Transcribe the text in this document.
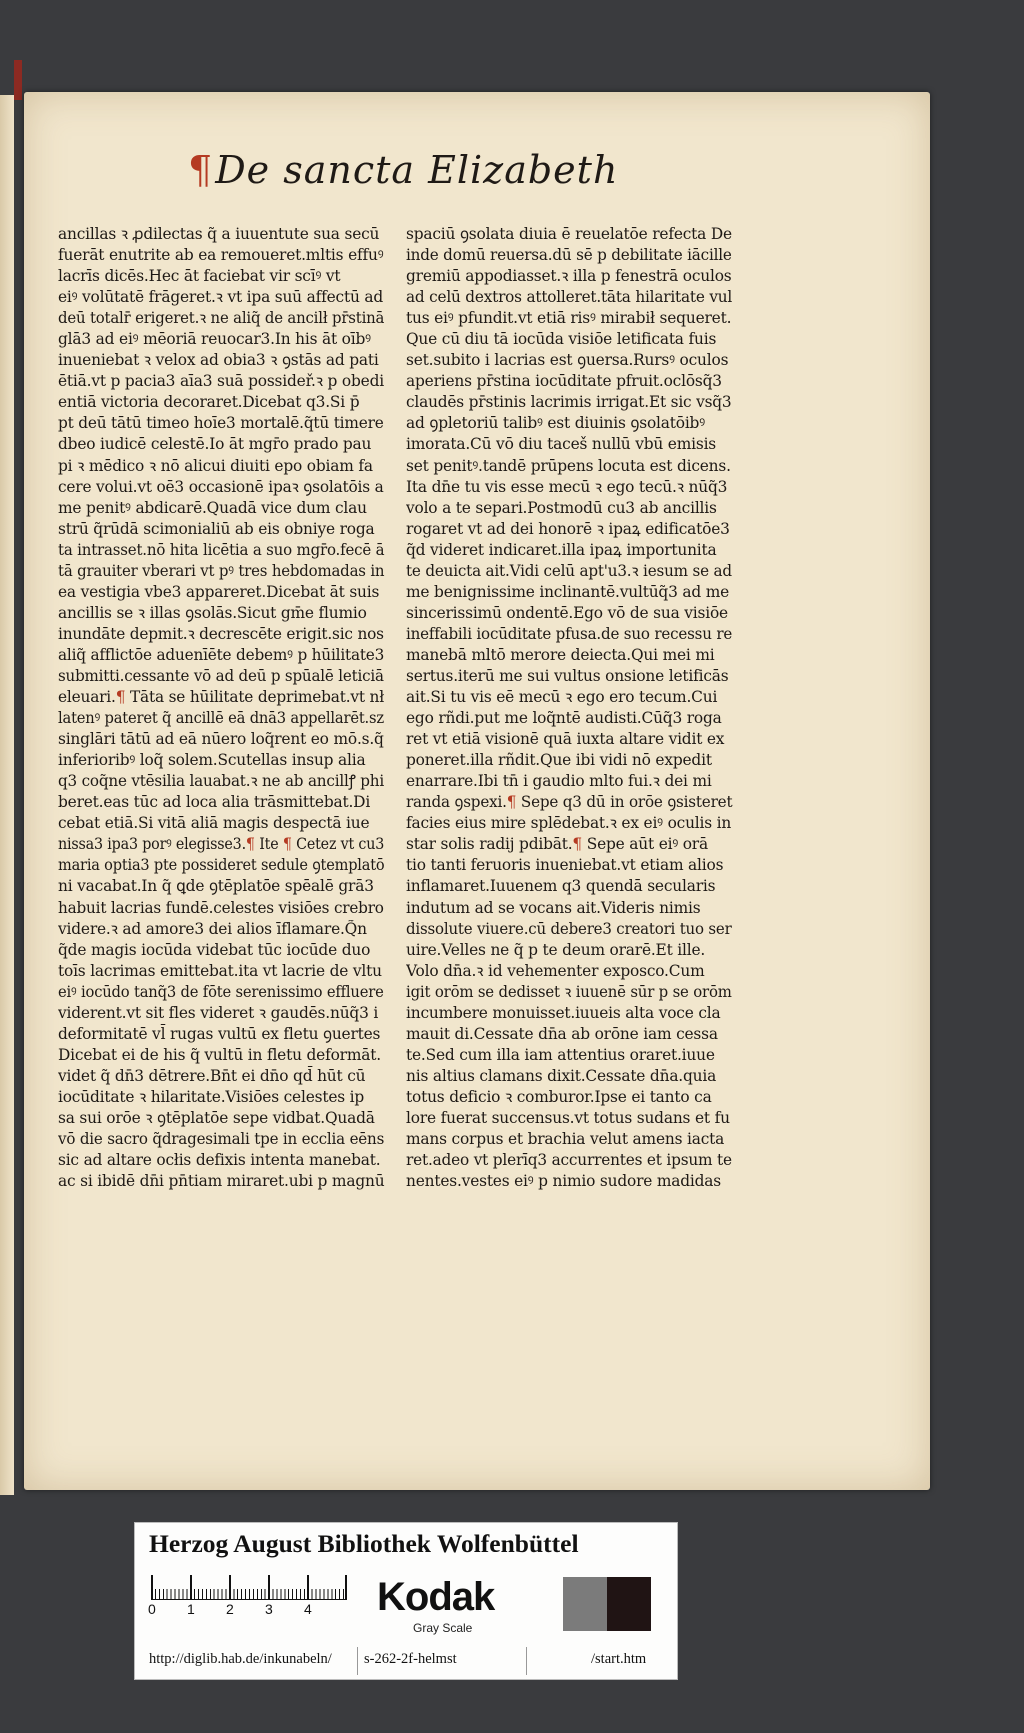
¶De sancta Elizabeth
ancillas ꝛ ꝓdilectas q̃ a iuuentute sua secū
fuerāt enutrite ab ea remoueret.mltis effuꝰ
lacrīs dicēs.Hec āt faciebat vir scīꝰ vt
eiꝰ volūtatē frāgeret.ꝛ vt ipa suū affectū ad
deū totalr̄ erigeret.ꝛ ne aliq̃ de ancilł pr̄stinā
glā3 ad eiꝰ mēoriā reuocar3.In his āt oībꝰ
inueniebat ꝛ velox ad obia3 ꝛ ꝯstās ad pati
ētiā.vt p pacia3 aīa3 suā possideř.ꝛ p obedi
entiā victoria decoraret.Dicebat q3.Si p̄
pt deū tātū timeo hoīe3 mortalē.q̃tū timere
dbeo iudicē celestē.Io āt mgr̄o prado pau
pi ꝛ mēdico ꝛ nō alicui diuiti epo obiam fa
cere volui.vt oē3 occasionē ipaꝛ ꝯsolatōis a
me penitꝰ abdicarē.Quadā vice dum clau
strū q̃rūdā scimonialiū ab eis obniye roga
ta intrasset.nō hita licētia a suo mgr̄o.fecē ā
tā grauiter vberari vt pꝰ tres hebdomadas in
ea vestigia vbe3 appareret.Dicebat āt suis
ancillis se ꝛ illas ꝯsolās.Sicut gm̄e flumio
inundāte depmit.ꝛ decrescēte erigit.sic nos
aliq̃ afflictōe aduenīēte debemꝰ p hūilitate3
submitti.cessante vō ad deū p spūalē leticiā
eleuari.¶ Tāta se hūilitate deprimebat.vt nł
latenꝰ pateret q̃ ancillē eā dnā3 appellarēt.sz
singlāri tātū ad eā nūero loq̃rent eo mō.s.q̃
inferioribꝰ loq̃ solem.Scutellas insup alia
q3 coq̃ne vtēsilia lauabat.ꝛ ne ab ancillꝭ phi
beret.eas tūc ad loca alia trāsmittebat.Di
cebat etiā.Si vitā aliā magis despectā iue
nissa3 ipa3 porꝰ elegisse3.¶ Ite ¶ Cetez vt cu3
maria optia3 pte possideret sedule ꝯtemplatō
ni vacabat.In q̃ ꝗde ꝯtēplatōe spēalē grā3
habuit lacrias fundē.celestes visiōes crebro
videre.ꝛ ad amore3 dei alios īflamare.Q̃n
q̃de magis iocūda videbat tūc iocūde duo
toīs lacrimas emittebat.ita vt lacrie de vltu
eiꝰ iocūdo tanq̃3 de fōte serenissimo effluere
viderent.vt sit fles videret ꝛ gaudēs.nūq̃3 i
deformitatē vl̄ rugas vultū ex fletu ꝯuertes
Dicebat ei de his q̃ vultū in fletu deformāt.
videt q̃ dn̄3 dētrere.Bn̄t ei dn̄o qd̄ hūt cū
iocūditate ꝛ hilaritate.Visiōes celestes ip
sa sui orōe ꝛ ꝯtēplatōe sepe vidbat.Quadā
vō die sacro q̃dragesimali tpe in ecclia eēns
sic ad altare ocłis defixis intenta manebat.
ac si ibidē dn̄i pn̄tiam miraret.ubi p magnū
spaciū ꝯsolata diuia ē reuelatōe refecta De
inde domū reuersa.dū sē p debilitate iācille
gremiū appodiasset.ꝛ illa p fenestrā oculos
ad celū dextros attolleret.tāta hilaritate vul
tus eiꝰ pfundit.vt etiā risꝰ mirabił sequeret.
Que cū diu tā iocūda visiōe letificata fuis
set.subito i lacrias est ꝯuersa.Rursꝰ oculos
aperiens pr̄stina iocūditate pfruit.oclōsq̃3
claudēs pr̄stinis lacrimis irrigat.Et sic vsq̃3
ad ꝯpletoriū talibꝰ est diuinis ꝯsolatōibꝰ
imorata.Cū vō diu taceš nullū vbū emisis
set penitꝰ.tandē prūpens locuta est dicens.
Ita dn̄e tu vis esse mecū ꝛ ego tecū.ꝛ nūq̃3
volo a te separi.Postmodū cu3 ab ancillis
rogaret vt ad dei honorē ꝛ ipaꝝ edificatōe3
q̃d videret indicaret.illa ipaꝝ importunita
te deuicta ait.Vidi celū apt'u3.ꝛ iesum se ad
me benignissime inclinantē.vultūq̃3 ad me
sincerissimū ondentē.Ego vō de sua visiōe
ineffabili iocūditate pfusa.de suo recessu re
manebā mltō merore deiecta.Qui mei mi
sertus.iterū me sui vultus onsione letificās
ait.Si tu vis eē mecū ꝛ ego ero tecum.Cui
ego rñdi.put me loq̃ntē audisti.Cūq̃3 roga
ret vt etiā visionē quā iuxta altare vidit ex
poneret.illa rñdit.Que ibi vidi nō expedit
enarrare.Ibi tn̄ i gaudio mlto fui.ꝛ dei mi
randa ꝯspexi.¶ Sepe q3 dū in orōe ꝯsisteret
facies eius mire splēdebat.ꝛ ex eiꝰ oculis in
star solis radij pdibāt.¶ Sepe aūt eiꝰ orā
tio tanti feruoris inueniebat.vt etiam alios
inflamaret.Iuuenem q3 quendā secularis
indutum ad se vocans ait.Videris nimis
dissolute viuere.cū debere3 creatori tuo ser
uire.Velles ne q̃ p te deum orarē.Et ille.
Volo dn̄a.ꝛ id vehementer exposco.Cum
igit orōm se dedisset ꝛ iuuenē sūr p se orōm
incumbere monuisset.iuueis alta voce cla
mauit di.Cessate dn̄a ab orōne iam cessa
te.Sed cum illa iam attentius oraret.iuue
nis altius clamans dixit.Cessate dn̄a.quia
totus deficio ꝛ comburor.Ipse ei tanto ca
lore fuerat succensus.vt totus sudans et fu
mans corpus et brachia velut amens iacta
ret.adeo vt plerīq3 accurrentes et ipsum te
nentes.vestes eiꝰ p nimio sudore madidas
Herzog August Bibliothek Wolfenbüttel
0 1 2 3 4 Kodak
Gray Scale
http://diglib.hab.de/inkunabeln/ s-262-2f-helmst	/start.htm
